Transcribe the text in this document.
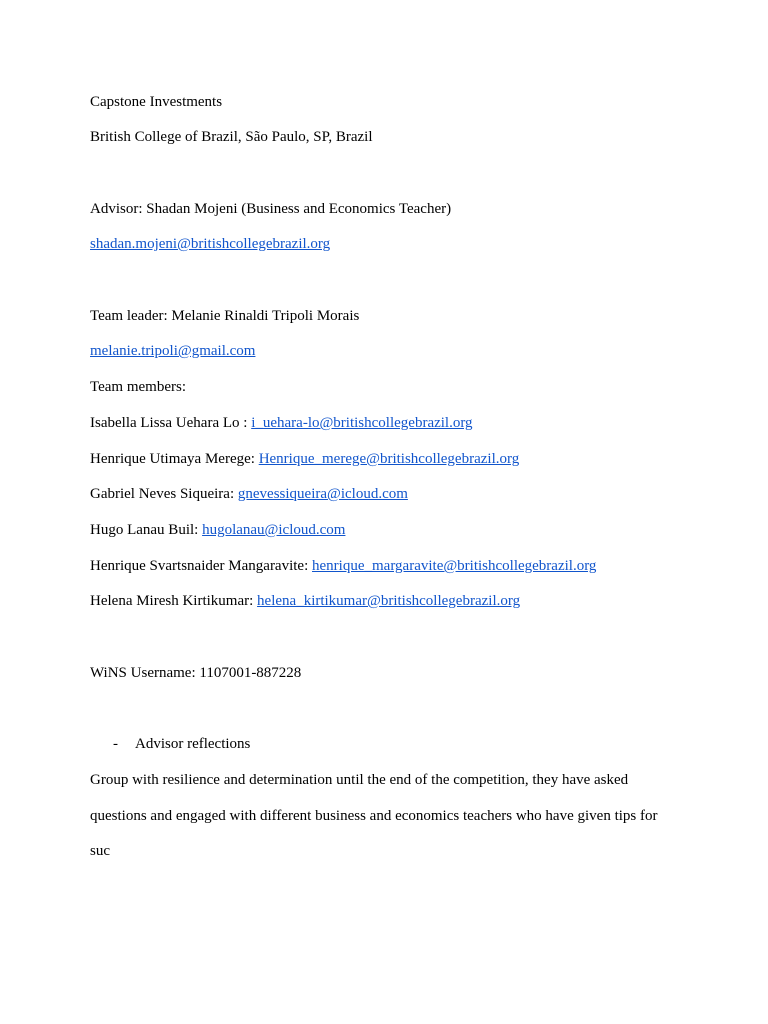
Capstone Investments
British College of Brazil, São Paulo, SP, Brazil
Advisor: Shadan Mojeni (Business and Economics Teacher)
shadan.mojeni@britishcollegebrazil.org
Team leader: Melanie Rinaldi Tripoli Morais
melanie.tripoli@gmail.com
Team members:
Isabella Lissa Uehara Lo : i_uehara-lo@britishcollegebrazil.org
Henrique Utimaya Merege: Henrique_merege@britishcollegebrazil.org
Gabriel Neves Siqueira: gnevessiqueira@icloud.com
Hugo Lanau Buil: hugolanau@icloud.com
Henrique Svartsnaider Mangaravite: henrique_margaravite@britishcollegebrazil.org
Helena Miresh Kirtikumar: helena_kirtikumar@britishcollegebrazil.org
WiNS Username: 1107001-887228
- Advisor reflections
Group with resilience and determination until the end of the competition, they have asked
questions and engaged with different business and economics teachers who have given tips for
suc
